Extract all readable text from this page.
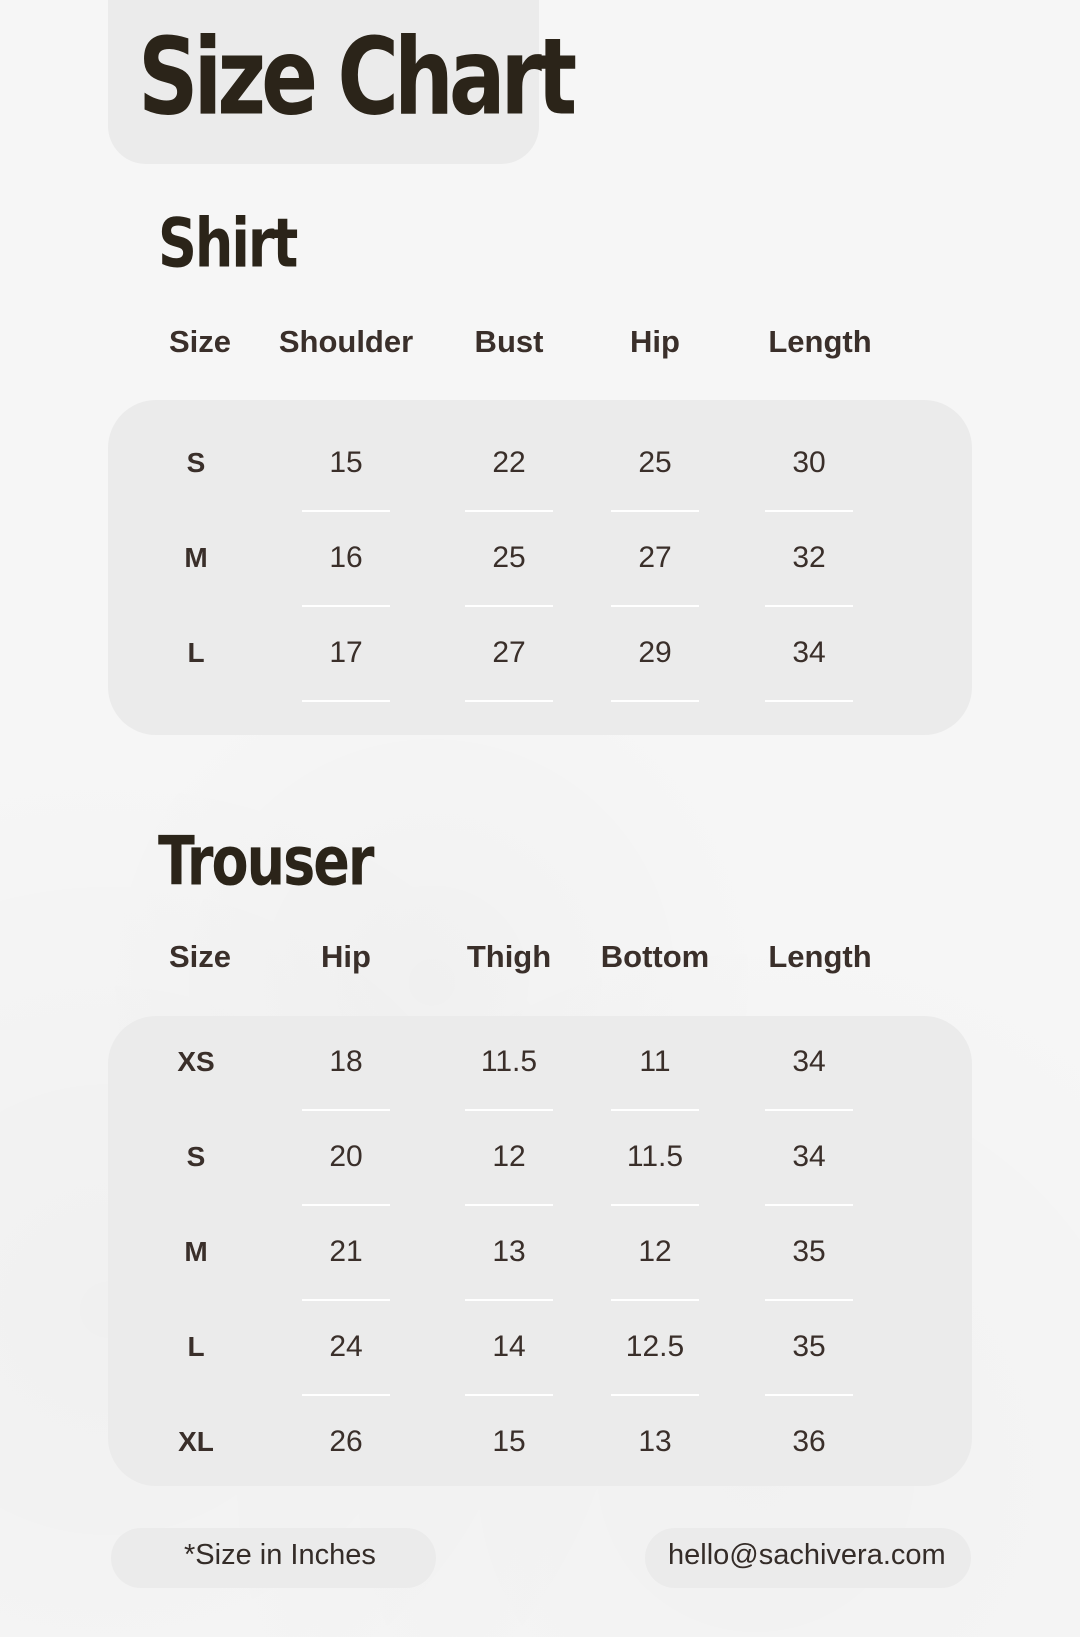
Size Chart
Shirt
Size Shoulder Bust	Hip	Length
S	15	22	25	30
M	16	25	27	32
L	17	27	29	34
Trouser
Size	Hip	Thigh Bottom Length
XS	18	11.5	11	34
S	20	12	11.5	34
M	21	13	12	35
L	24	14	12.5	35
XL	26	15	13	36
*Size in Inches	hello@sachivera.com
